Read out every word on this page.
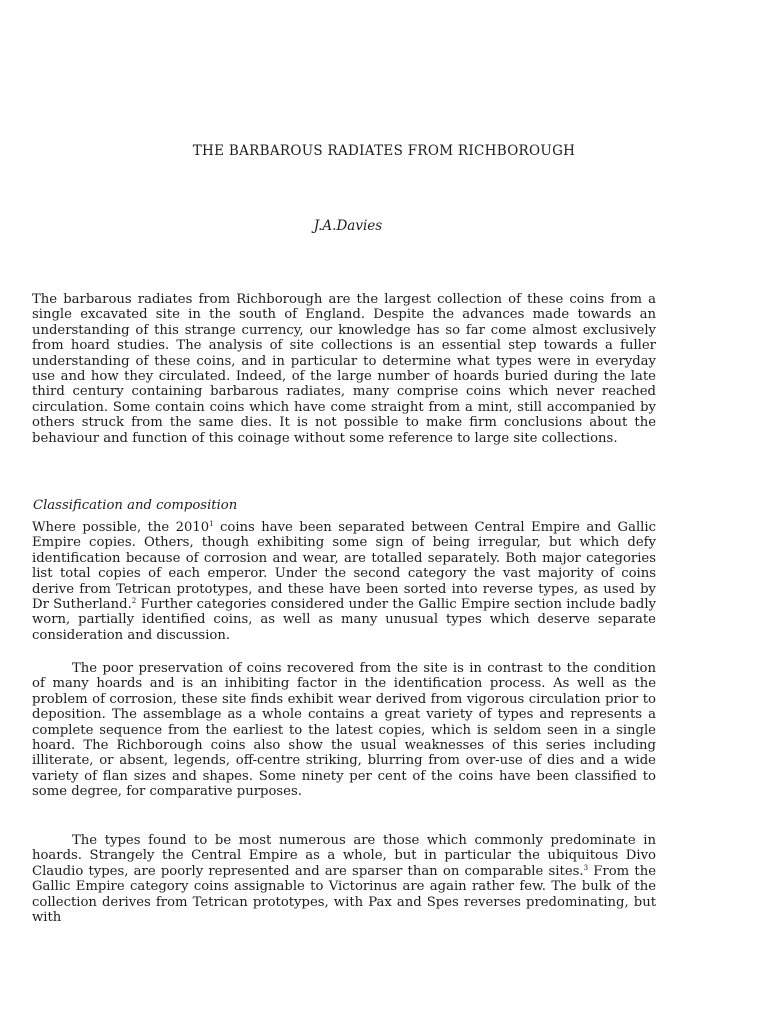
THE BARBAROUS RADIATES FROM RICHBOROUGH
J.A.Davies

The barbarous radiates from Richborough are the largest collection of these coins from a single excavated site in the south of England. Despite the advances made towards an understanding of this strange currency, our knowledge has so far come almost exclusively from hoard studies. The analysis of site collections is an essential step towards a fuller understanding of these coins, and in particular to determine what types were in everyday use and how they circulated. Indeed, of the large number of hoards buried during the late third century containing barbarous radiates, many comprise coins which never reached circulation. Some contain coins which have come straight from a mint, still accompanied by others struck from the same dies. It is not possible to make firm conclusions about the behaviour and function of this coinage without some reference to large site collections.

Classification and composition

Where possible, the 2010$^1$ coins have been separated between Central Empire and Gallic Empire copies. Others, though exhibiting some sign of being irregular, but which defy identification because of corrosion and wear, are totalled separately. Both major categories list total copies of each emperor. Under the second category the vast majority of coins derive from Tetrican prototypes, and these have been sorted into reverse types, as used by Dr Sutherland.$^2$ Further categories considered under the Gallic Empire section include badly worn, partially identified coins, as well as many unusual types which deserve separate consideration and discussion.

The poor preservation of coins recovered from the site is in contrast to the condition of many hoards and is an inhibiting factor in the identification process. As well as the problem of corrosion, these site finds exhibit wear derived from vigorous circulation prior to deposition. The assemblage as a whole contains a great variety of types and represents a complete sequence from the earliest to the latest copies, which is seldom seen in a single hoard. The Richborough coins also show the usual weaknesses of this series including illiterate, or absent, legends, off-centre striking, blurring from over-use of dies and a wide variety of flan sizes and shapes. Some ninety per cent of the coins have been classified to some degree, for comparative purposes.

The types found to be most numerous are those which commonly predominate in hoards. Strangely the Central Empire as a whole, but in particular the ubiquitous Divo Claudio types, are poorly represented and are sparser than on comparable sites.$^3$ From the Gallic Empire category coins assignable to Victorinus are again rather few. The bulk of the collection derives from Tetrican prototypes, with Pax and Spes reverses predominating, but with
